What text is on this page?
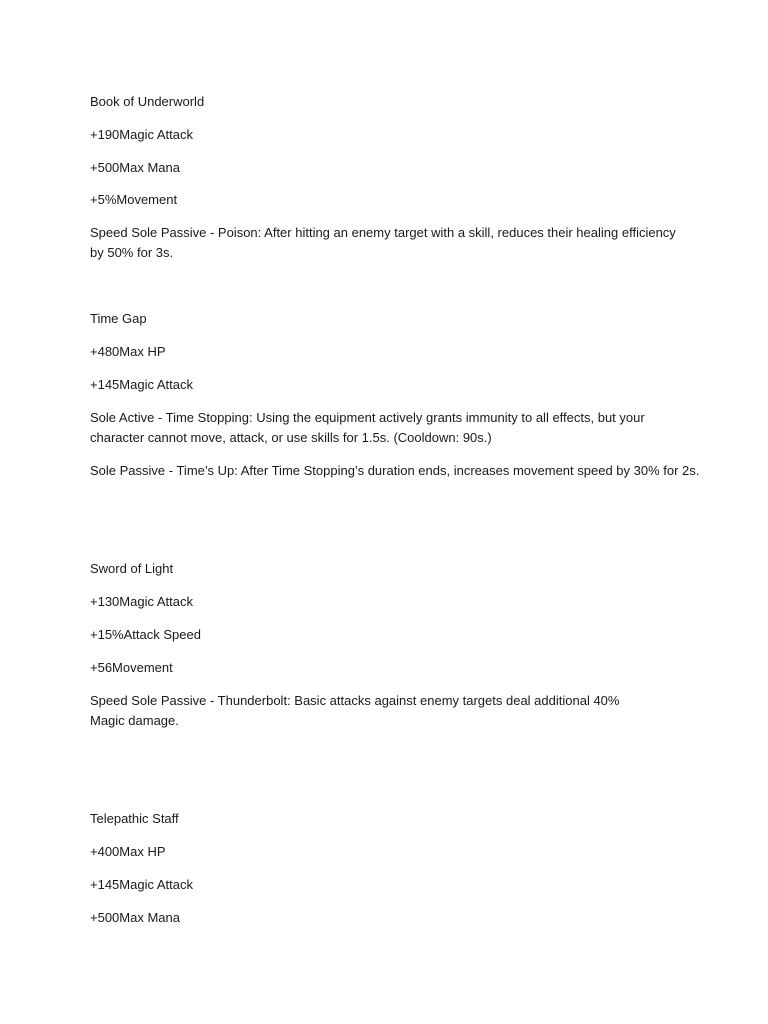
Book of Underworld
+190Magic Attack
+500Max Mana
+5%Movement
Speed Sole Passive - Poison: After hitting an enemy target with a skill, reduces their healing efficiency by 50% for 3s.
Time Gap
+480Max HP
+145Magic Attack
Sole Active - Time Stopping: Using the equipment actively grants immunity to all effects, but your character cannot move, attack, or use skills for 1.5s. (Cooldown: 90s.)
Sole Passive - Time’s Up: After Time Stopping’s duration ends, increases movement speed by 30% for 2s.
Sword of Light
+130Magic Attack
+15%Attack Speed
+56Movement
Speed Sole Passive - Thunderbolt: Basic attacks against enemy targets deal additional 40% Magic damage.
Telepathic Staff
+400Max HP
+145Magic Attack
+500Max Mana
